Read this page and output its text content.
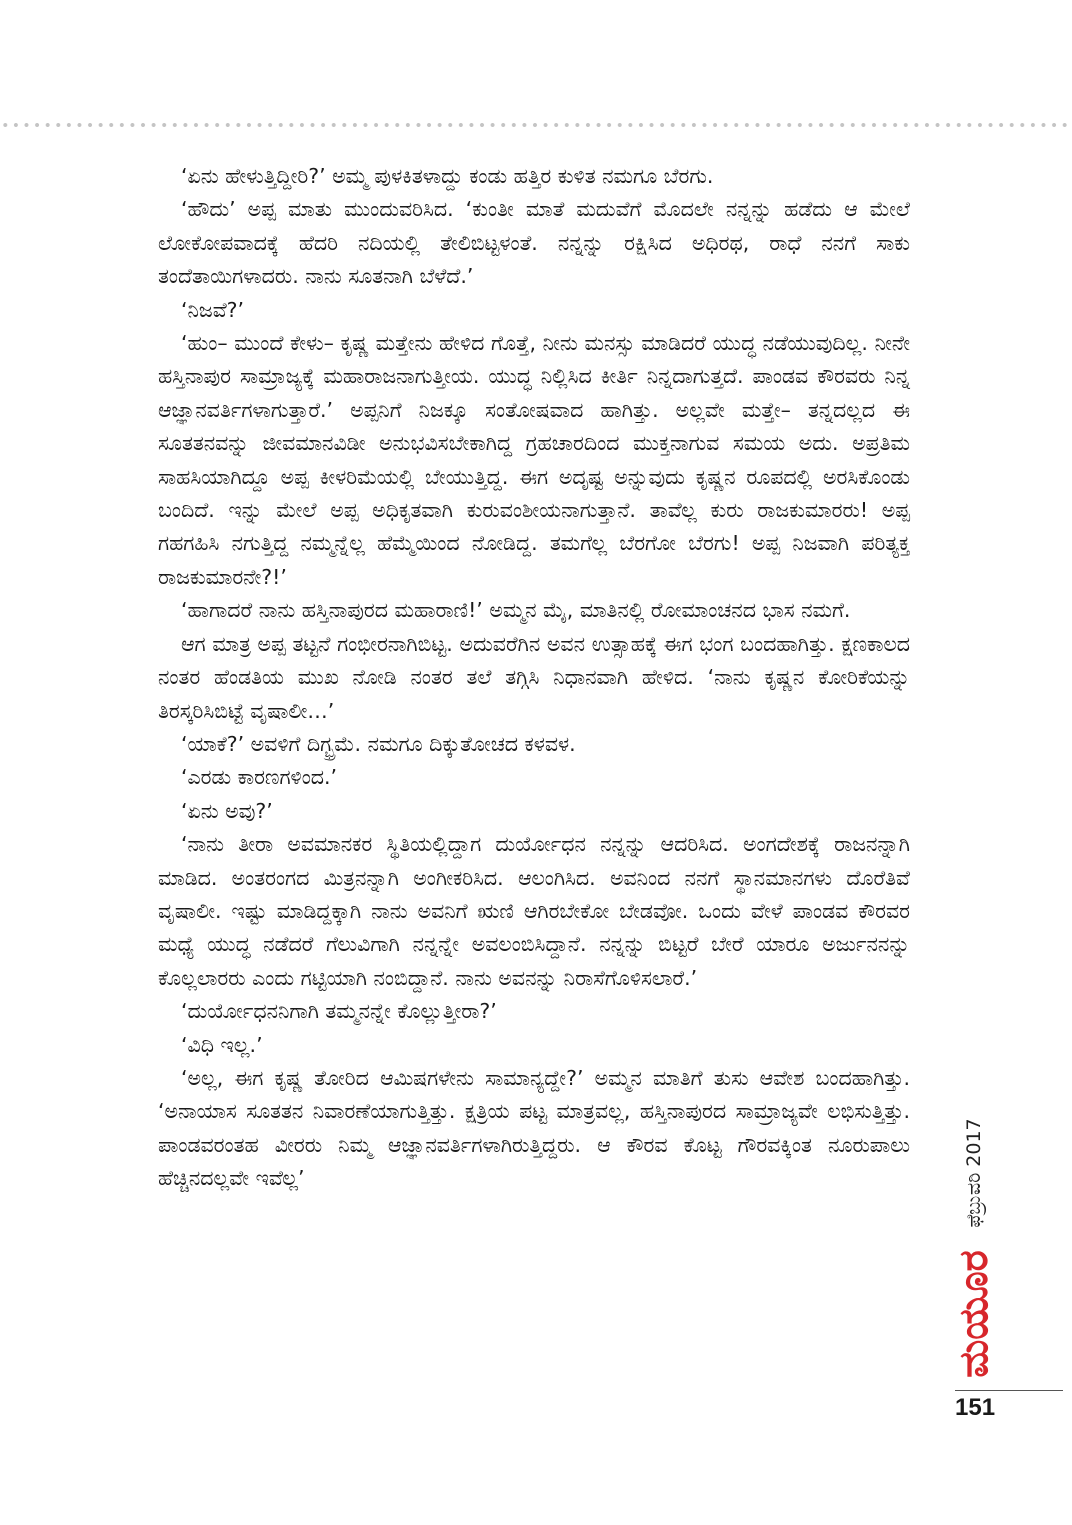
‘ಏನು ಹೇಳುತ್ತಿದ್ದೀರಿ?’ ಅಮ್ಮ ಪುಳಕಿತಳಾದ್ದು ಕಂಡು ಹತ್ತಿರ ಕುಳಿತ ನಮಗೂ ಬೆರಗು.

‘ಹೌದು’ ಅಪ್ಪ ಮಾತು ಮುಂದುವರಿಸಿದ. ‘ಕುಂತೀ ಮಾತೆ ಮದುವೆಗೆ ಮೊದಲೇ ನನ್ನನ್ನು ಹಡೆದು ಆ ಮೇಲೆ ಲೋಕೋಪವಾದಕ್ಕೆ ಹೆದರಿ ನದಿಯಲ್ಲಿ ತೇಲಿಬಿಟ್ಟಳಂತೆ. ನನ್ನನ್ನು ರಕ್ಷಿಸಿದ ಅಧಿರಥ, ರಾಧೆ ನನಗೆ ಸಾಕು ತಂದೆತಾಯಿಗಳಾದರು. ನಾನು ಸೂತನಾಗಿ ಬೆಳೆದೆ.’

‘ನಿಜವೆ?’

‘ಹುಂ– ಮುಂದೆ ಕೇಳು– ಕೃಷ್ಣ ಮತ್ತೇನು ಹೇಳಿದ ಗೊತ್ತೆ, ನೀನು ಮನಸ್ಸು ಮಾಡಿದರೆ ಯುದ್ಧ ನಡೆಯುವುದಿಲ್ಲ. ನೀನೇ ಹಸ್ತಿನಾಪುರ ಸಾಮ್ರಾಜ್ಯಕ್ಕೆ ಮಹಾರಾಜನಾಗುತ್ತೀಯ. ಯುದ್ಧ ನಿಲ್ಲಿಸಿದ ಕೀರ್ತಿ ನಿನ್ನದಾಗುತ್ತದೆ. ಪಾಂಡವ ಕೌರವರು ನಿನ್ನ ಆಜ್ಞಾನವರ್ತಿಗಳಾಗುತ್ತಾರೆ.’ ಅಪ್ಪನಿಗೆ ನಿಜಕ್ಕೂ ಸಂತೋಷವಾದ ಹಾಗಿತ್ತು. ಅಲ್ಲವೇ ಮತ್ತೇ– ತನ್ನದಲ್ಲದ ಈ ಸೂತತನವನ್ನು ಜೀವಮಾನವಿಡೀ ಅನುಭವಿಸಬೇಕಾಗಿದ್ದ ಗ್ರಹಚಾರದಿಂದ ಮುಕ್ತನಾಗುವ ಸಮಯ ಅದು. ಅಪ್ರತಿಮ ಸಾಹಸಿಯಾಗಿದ್ದೂ ಅಪ್ಪ ಕೀಳರಿಮೆಯಲ್ಲಿ ಬೇಯುತ್ತಿದ್ದ. ಈಗ ಅದೃಷ್ಟ ಅನ್ನುವುದು ಕೃಷ್ಣನ ರೂಪದಲ್ಲಿ ಅರಸಿಕೊಂಡು ಬಂದಿದೆ. ಇನ್ನು ಮೇಲೆ ಅಪ್ಪ ಅಧಿಕೃತವಾಗಿ ಕುರುವಂಶೀಯನಾಗುತ್ತಾನೆ. ತಾವೆಲ್ಲ ಕುರು ರಾಜಕುಮಾರರು! ಅಪ್ಪ ಗಹಗಹಿಸಿ ನಗುತ್ತಿದ್ದ ನಮ್ಮನ್ನೆಲ್ಲ ಹೆಮ್ಮೆಯಿಂದ ನೋಡಿದ್ದ. ತಮಗೆಲ್ಲ ಬೆರಗೋ ಬೆರಗು! ಅಪ್ಪ ನಿಜವಾಗಿ ಪರಿತ್ಯಕ್ತ ರಾಜಕುಮಾರನೇ?!’

‘ಹಾಗಾದರೆ ನಾನು ಹಸ್ತಿನಾಪುರದ ಮಹಾರಾಣಿ!’ ಅಮ್ಮನ ಮೈ, ಮಾತಿನಲ್ಲಿ ರೋಮಾಂಚನದ ಭಾಸ ನಮಗೆ.

ಆಗ ಮಾತ್ರ ಅಪ್ಪ ತಟ್ಟನೆ ಗಂಭೀರನಾಗಿಬಿಟ್ಟ. ಅದುವರೆಗಿನ ಅವನ ಉತ್ಸಾಹಕ್ಕೆ ಈಗ ಭಂಗ ಬಂದಹಾಗಿತ್ತು. ಕ್ಷಣಕಾಲದ ನಂತರ ಹೆಂಡತಿಯ ಮುಖ ನೋಡಿ ನಂತರ ತಲೆ ತಗ್ಗಿಸಿ ನಿಧಾನವಾಗಿ ಹೇಳಿದ. ‘ನಾನು ಕೃಷ್ಣನ ಕೋರಿಕೆಯನ್ನು ತಿರಸ್ಕರಿಸಿಬಿಟ್ಟೆ ವೃಷಾಲೀ…’

‘ಯಾಕೆ?’ ಅವಳಿಗೆ ದಿಗ್ಭ್ರಮೆ. ನಮಗೂ ದಿಕ್ಕುತೋಚದ ಕಳವಳ.

‘ಎರಡು ಕಾರಣಗಳಿಂದ.’

‘ಏನು ಅವು?’

‘ನಾನು ತೀರಾ ಅವಮಾನಕರ ಸ್ಥಿತಿಯಲ್ಲಿದ್ದಾಗ ದುರ್ಯೋಧನ ನನ್ನನ್ನು ಆದರಿಸಿದ. ಅಂಗದೇಶಕ್ಕೆ ರಾಜನನ್ನಾಗಿ ಮಾಡಿದ. ಅಂತರಂಗದ ಮಿತ್ರನನ್ನಾಗಿ ಅಂಗೀಕರಿಸಿದ. ಆಲಂಗಿಸಿದ. ಅವನಿಂದ ನನಗೆ ಸ್ಥಾನಮಾನಗಳು ದೊರೆತಿವೆ ವೃಷಾಲೀ. ಇಷ್ಟು ಮಾಡಿದ್ದಕ್ಕಾಗಿ ನಾನು ಅವನಿಗೆ ಋಣಿ ಆಗಿರಬೇಕೋ ಬೇಡವೋ. ಒಂದು ವೇಳೆ ಪಾಂಡವ ಕೌರವರ ಮಧ್ಯೆ ಯುದ್ಧ ನಡೆದರೆ ಗೆಲುವಿಗಾಗಿ ನನ್ನನ್ನೇ ಅವಲಂಬಿಸಿದ್ದಾನೆ. ನನ್ನನ್ನು ಬಿಟ್ಟರೆ ಬೇರೆ ಯಾರೂ ಅರ್ಜುನನನ್ನು ಕೊಲ್ಲಲಾರರು ಎಂದು ಗಟ್ಟಿಯಾಗಿ ನಂಬಿದ್ದಾನೆ. ನಾನು ಅವನನ್ನು ನಿರಾಸೆಗೊಳಿಸಲಾರೆ.’

‘ದುರ್ಯೋಧನನಿಗಾಗಿ ತಮ್ಮನನ್ನೇ ಕೊಲ್ಲುತ್ತೀರಾ?’

‘ವಿಧಿ ಇಲ್ಲ.’

‘ಅಲ್ಲ, ಈಗ ಕೃಷ್ಣ ತೋರಿದ ಆಮಿಷಗಳೇನು ಸಾಮಾನ್ಯದ್ದೇ?’ ಅಮ್ಮನ ಮಾತಿಗೆ ತುಸು ಆವೇಶ ಬಂದಹಾಗಿತ್ತು. ‘ಅನಾಯಾಸ ಸೂತತನ ನಿವಾರಣೆಯಾಗುತ್ತಿತ್ತು. ಕ್ಷತ್ರಿಯ ಪಟ್ಟ ಮಾತ್ರವಲ್ಲ, ಹಸ್ತಿನಾಪುರದ ಸಾಮ್ರಾಜ್ಯವೇ ಲಭಿಸುತ್ತಿತ್ತು. ಪಾಂಡವರಂತಹ ವೀರರು ನಿಮ್ಮ ಆಜ್ಞಾನವರ್ತಿಗಳಾಗಿರುತ್ತಿದ್ದರು. ಆ ಕೌರವ ಕೊಟ್ಟ ಗೌರವಕ್ಕಿಂತ ನೂರುಪಾಲು ಹೆಚ್ಚಿನದಲ್ಲವೇ ಇವೆಲ್ಲ’	ಫೆಬ್ರುವರಿ 2017
ಮಯೂರ
151
